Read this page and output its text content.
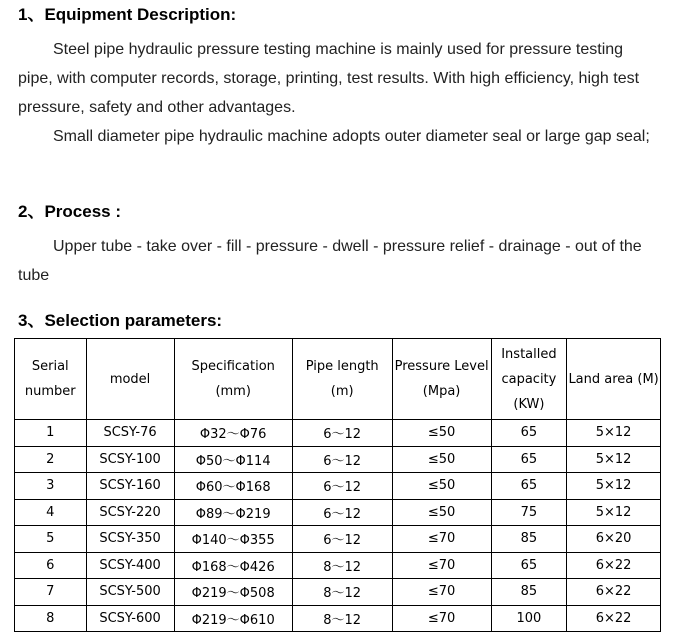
1、Equipment Description:

Steel pipe hydraulic pressure testing machine is mainly used for pressure testing pipe, with computer records, storage, printing, test results. With high efficiency, high test pressure, safety and other advantages.

Small diameter pipe hydraulic machine adopts outer diameter seal or large gap seal;

2、Process :

Upper tube - take over - fill - pressure - dwell - pressure relief - drainage - out of the tube

3、Selection parameters:
Serial number	model	Specification (mm)	Pipe length (m)	Pressure Level (Mpa)	Installed capacity (KW)	Land area (M)
1	SCSY-76	Φ32～Φ76	6～12	≤50	65	5×12
2	SCSY-100	Φ50～Φ114	6～12	≤50	65	5×12
3	SCSY-160	Φ60～Φ168	6～12	≤50	65	5×12
4	SCSY-220	Φ89～Φ219	6～12	≤50	75	5×12
5	SCSY-350	Φ140～Φ355	6～12	≤70	85	6×20
6	SCSY-400	Φ168～Φ426	8～12	≤70	65	6×22
7	SCSY-500	Φ219～Φ508	8～12	≤70	85	6×22
8	SCSY-600	Φ219～Φ610	8～12	≤70	100	6×22
